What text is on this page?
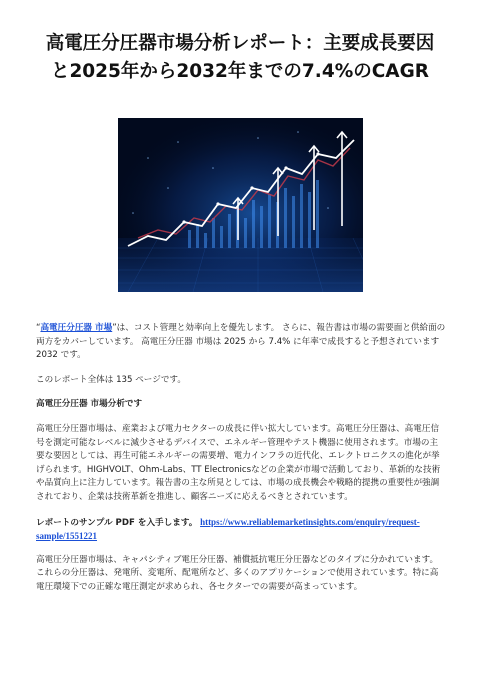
高電圧分圧器市場分析レポート：主要成長要因
と2025年から2032年までの7.4%のCAGR

“高電圧分圧器 市場”は、コスト管理と効率向上を優先します。 さらに、報告書は市場の需要面と供給面の両方をカバーしています。 高電圧分圧器 市場は 2025 から 7.4% に年率で成長すると予想されています2032 です。

このレポート全体は 135 ページです。

高電圧分圧器 市場分析です

高電圧分圧器市場は、産業および電力セクターの成長に伴い拡大しています。高電圧分圧器は、高電圧信号を測定可能なレベルに減少させるデバイスで、エネルギー管理やテスト機器に使用されます。市場の主要な要因としては、再生可能エネルギーの需要増、電力インフラの近代化、エレクトロニクスの進化が挙げられます。HIGHVOLT、Ohm-Labs、TT Electronicsなどの企業が市場で活動しており、革新的な技術や品質向上に注力しています。報告書の主な所見としては、市場の成長機会や戦略的提携の重要性が強調されており、企業は技術革新を推進し、顧客ニーズに応えるべきとされています。

レポートのサンプル PDF を入手します。 https://www.reliablemarketinsights.com/enquiry/request-sample/1551221

高電圧分圧器市場は、キャパシティブ電圧分圧器、補償抵抗電圧分圧器などのタイプに分かれています。これらの分圧器は、発電所、変電所、配電所など、多くのアプリケーションで使用されています。特に高電圧環境下での正確な電圧測定が求められ、各セクターでの需要が高まっています。
